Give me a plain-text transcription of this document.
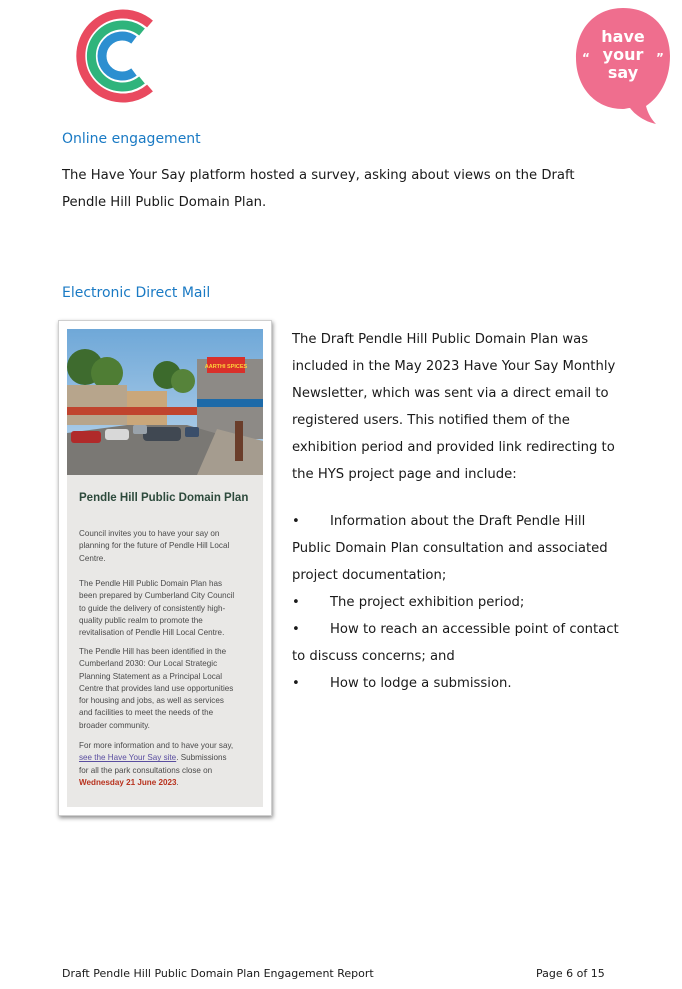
“	”
have
your
say
Online engagement
The Have Your Say platform hosted a survey, asking about views on the Draft
Pendle Hill Public Domain Plan.
Electronic Direct Mail
AARTHI SPICES
Pendle Hill Public Domain Plan
Council invites you to have your say on
planning for the future of Pendle Hill Local
Centre.
The Pendle Hill Public Domain Plan has
been prepared by Cumberland City Council
to guide the delivery of consistently high-
quality public realm to promote the
revitalisation of Pendle Hill Local Centre.
The Pendle Hill has been identified in the
Cumberland 2030: Our Local Strategic
Planning Statement as a Principal Local
Centre that provides land use opportunities
for housing and jobs, as well as services
and facilities to meet the needs of the
broader community.
For more information and to have your say,
see the Have Your Say site. Submissions
for all the park consultations close on
Wednesday 21 June 2023.
The Draft Pendle Hill Public Domain Plan was
included in the May 2023 Have Your Say Monthly
Newsletter, which was sent via a direct email to
registered users. This notified them of the
exhibition period and provided link redirecting to
the HYS project page and include:
• Information about the Draft Pendle Hill
Public Domain Plan consultation and associated
project documentation;
• The project exhibition period;
• How to reach an accessible point of contact
to discuss concerns; and
• How to lodge a submission.
Draft Pendle Hill Public Domain Plan Engagement Report	Page 6 of 15
